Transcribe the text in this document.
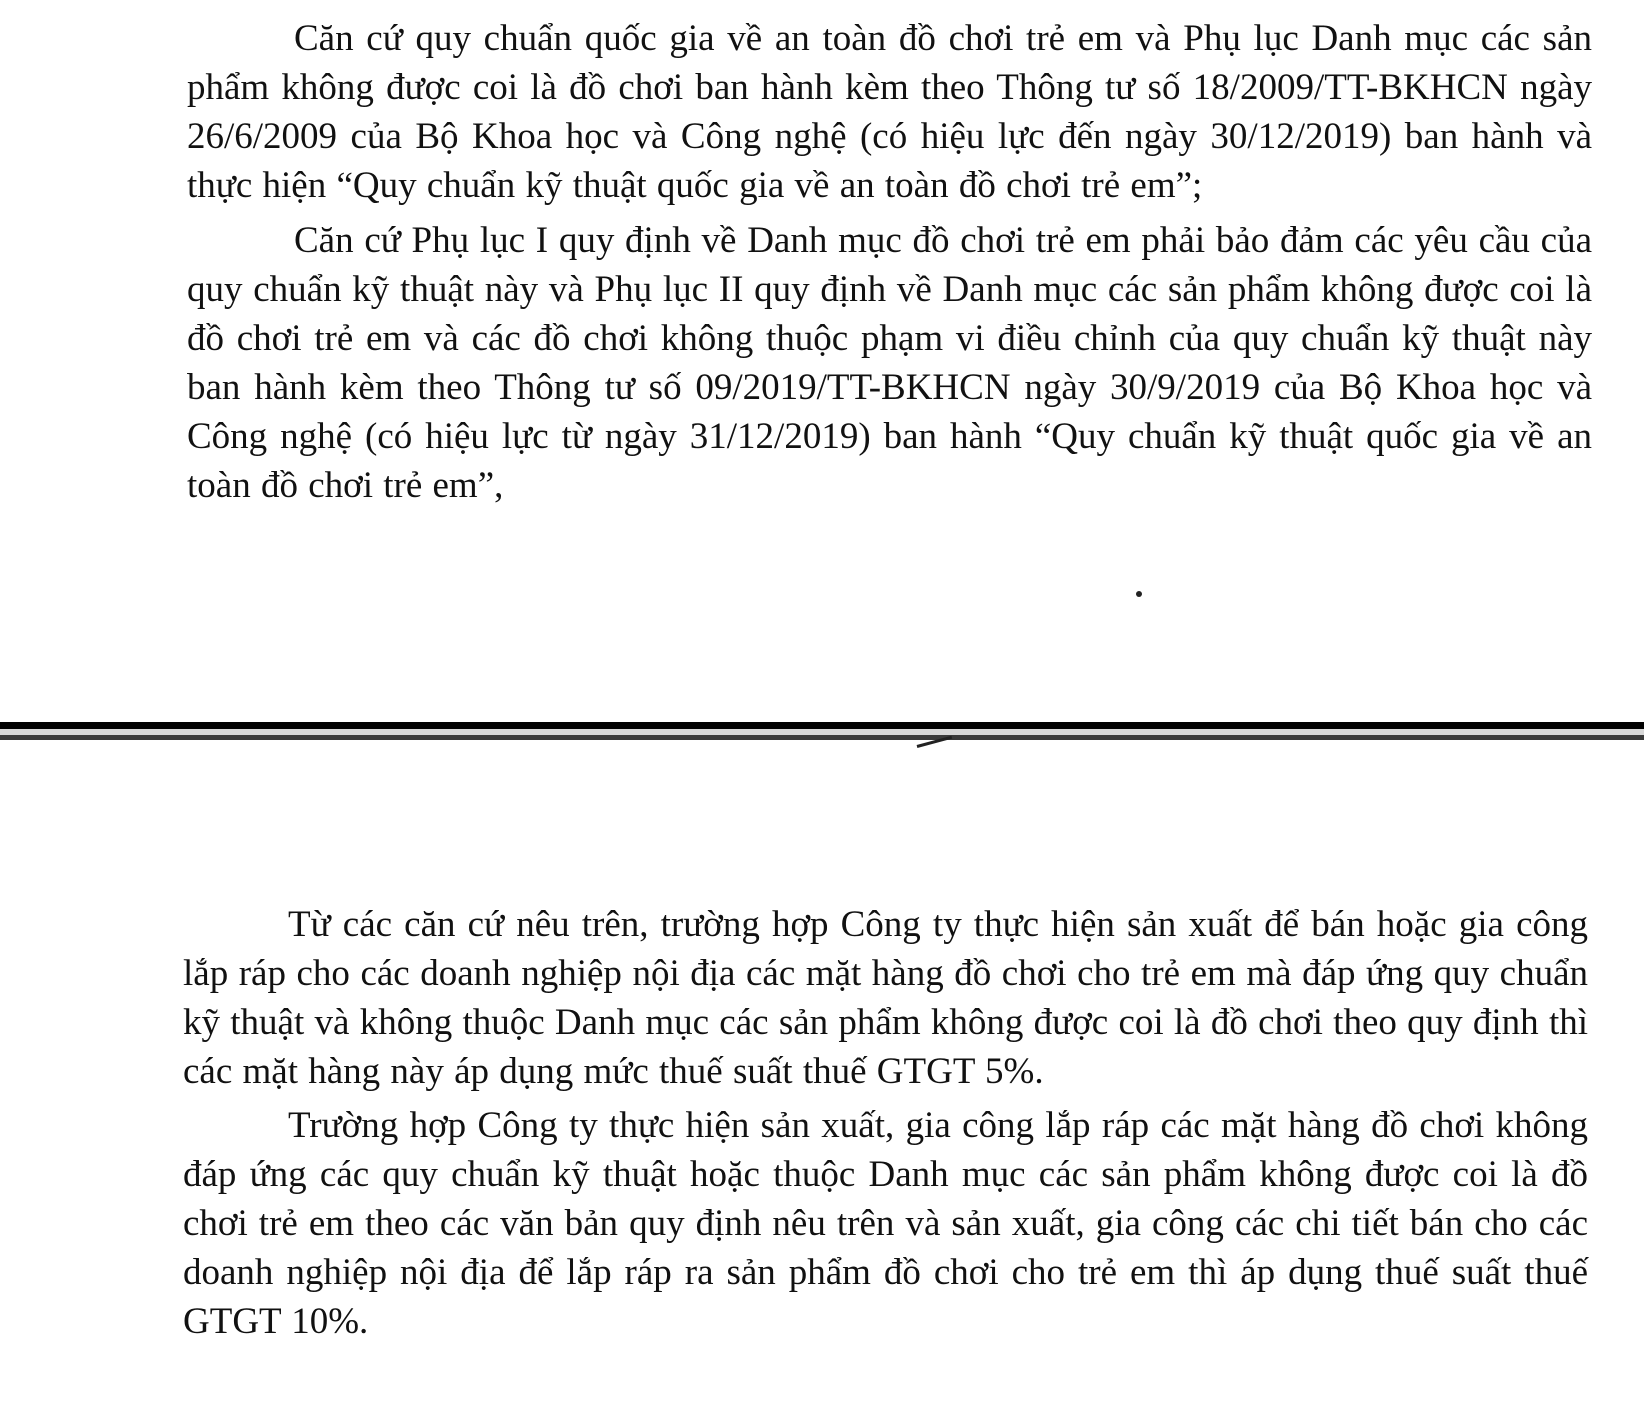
Căn cứ quy chuẩn quốc gia về an toàn đồ chơi trẻ em và Phụ lục Danh mục các sản phẩm không được coi là đồ chơi ban hành kèm theo Thông tư số 18/2009/TT-BKHCN ngày 26/6/2009 của Bộ Khoa học và Công nghệ (có hiệu lực đến ngày 30/12/2019) ban hành và thực hiện “Quy chuẩn kỹ thuật quốc gia về an toàn đồ chơi trẻ em”;

Căn cứ Phụ lục I quy định về Danh mục đồ chơi trẻ em phải bảo đảm các yêu cầu của quy chuẩn kỹ thuật này và Phụ lục II quy định về Danh mục các sản phẩm không được coi là đồ chơi trẻ em và các đồ chơi không thuộc phạm vi điều chỉnh của quy chuẩn kỹ thuật này ban hành kèm theo Thông tư số 09/2019/TT-BKHCN ngày 30/9/2019 của Bộ Khoa học và Công nghệ (có hiệu lực từ ngày 31/12/2019) ban hành “Quy chuẩn kỹ thuật quốc gia về an toàn đồ chơi trẻ em”,

Từ các căn cứ nêu trên, trường hợp Công ty thực hiện sản xuất để bán hoặc gia công lắp ráp cho các doanh nghiệp nội địa các mặt hàng đồ chơi cho trẻ em mà đáp ứng quy chuẩn kỹ thuật và không thuộc Danh mục các sản phẩm không được coi là đồ chơi theo quy định thì các mặt hàng này áp dụng mức thuế suất thuế GTGT 5%.

Trường hợp Công ty thực hiện sản xuất, gia công lắp ráp các mặt hàng đồ chơi không đáp ứng các quy chuẩn kỹ thuật hoặc thuộc Danh mục các sản phẩm không được coi là đồ chơi trẻ em theo các văn bản quy định nêu trên và sản xuất, gia công các chi tiết bán cho các doanh nghiệp nội địa để lắp ráp ra sản phẩm đồ chơi cho trẻ em thì áp dụng thuế suất thuế GTGT 10%.
